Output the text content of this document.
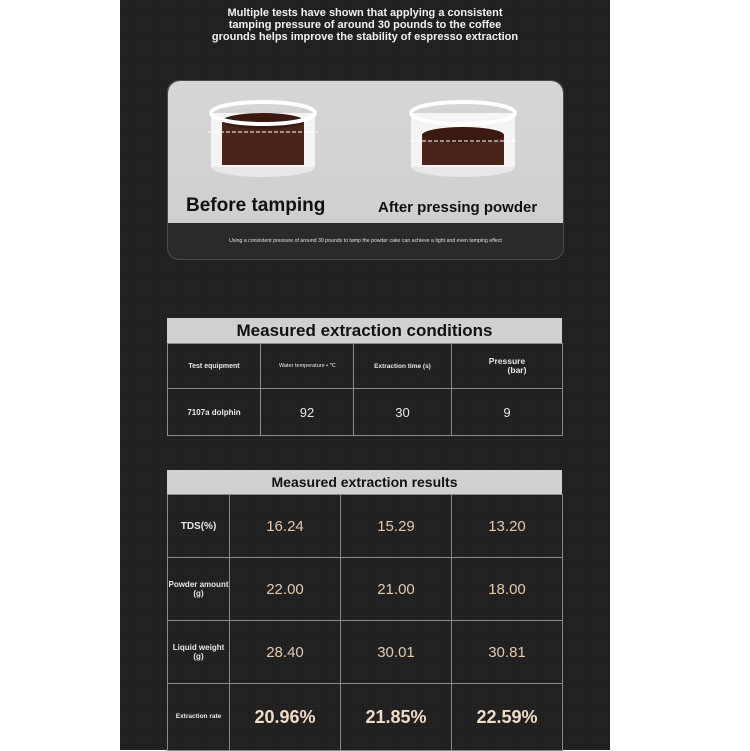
Multiple tests have shown that applying a consistent
tamping pressure of around 30 pounds to the coffee
grounds helps improve the stability of espresso extraction
Before tamping	After pressing powder
Using a consistent pressure of around 30 pounds to tamp the powder cake can achieve a tight and even tamping effect
Measured extraction conditions
Test equipment	Water temperature • ℃	Extraction time (s)	Pressure
(bar)
7107a dolphin	92	30	9
Measured extraction results
TDS(%)	16.24	15.29	13.20
Powder amount (g)	22.00	21.00	18.00
Liquid weight (g)	28.40	30.01	30.81
Extraction rate	20.96%	21.85%	22.59%
